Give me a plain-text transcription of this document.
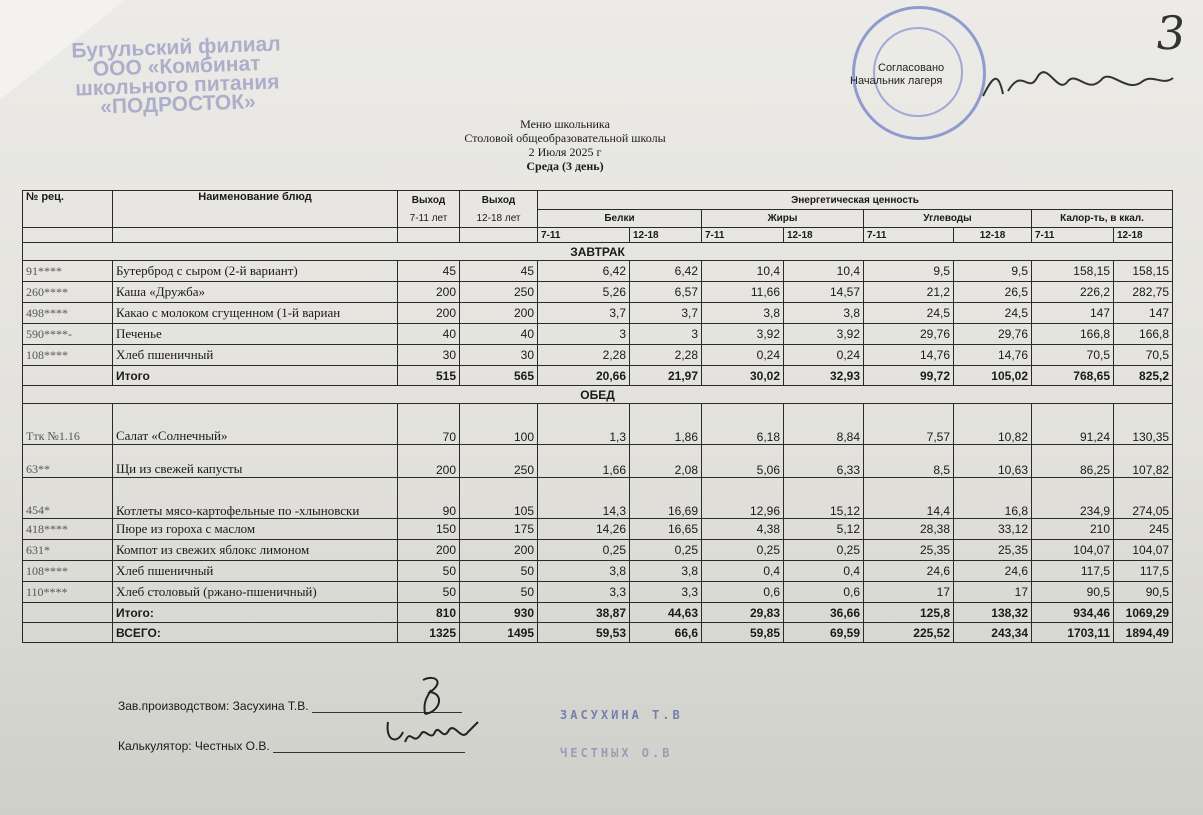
Бугульский филиал ООО «Комбинат школьного питания «ПОДРОСТОК»
Согласовано
Начальник лагеря
3
Меню школьника
Столовой общеобразовательной школы
2 Июля 2025 г
Среда (3 день)
№ рец.	Наименование блюд	Выход	Выход	Энергетическая ценность							
		7-11 лет	12-18 лет	Белки		Жиры		Углеводы		Калор-ть, в ккал.	
				7-11	12-18	7-11	12-18	7-11	12-18	7-11	12-18
ЗАВТРАК											
91****	Бутерброд с сыром (2-й вариант)	45	45	6,42	6,42	10,4	10,4	9,5	9,5	158,15	158,15
260****	Каша «Дружба»	200	250	5,26	6,57	11,66	14,57	21,2	26,5	226,2	282,75
498****	Какао с молоком сгущенном (1-й вариан	200	200	3,7	3,7	3,8	3,8	24,5	24,5	147	147
590****-	Печенье	40	40	3	3	3,92	3,92	29,76	29,76	166,8	166,8
108****	Хлеб пшеничный	30	30	2,28	2,28	0,24	0,24	14,76	14,76	70,5	70,5
	Итого	515	565	20,66	21,97	30,02	32,93	99,72	105,02	768,65	825,2
ОБЕД											
Ттк №1.16	Салат «Солнечный»	70	100	1,3	1,86	6,18	8,84	7,57	10,82	91,24	130,35
63**	Щи из свежей капусты	200	250	1,66	2,08	5,06	6,33	8,5	10,63	86,25	107,82
454*	Котлеты мясо-картофельные по -хлыновски	90	105	14,3	16,69	12,96	15,12	14,4	16,8	234,9	274,05
418****	Пюре из гороха с маслом	150	175	14,26	16,65	4,38	5,12	28,38	33,12	210	245
631*	Компот из свежих яблокс лимоном	200	200	0,25	0,25	0,25	0,25	25,35	25,35	104,07	104,07
108****	Хлеб пшеничный	50	50	3,8	3,8	0,4	0,4	24,6	24,6	117,5	117,5
110****	Хлеб столовый (ржано-пшеничный)	50	50	3,3	3,3	0,6	0,6	17	17	90,5	90,5
	Итого:	810	930	38,87	44,63	29,83	36,66	125,8	138,32	934,46	1069,29
	ВСЕГО:	1325	1495	59,53	66,6	59,85	69,59	225,52	243,34	1703,11	1894,49
Зав.производством: Засухина Т.В.
Калькулятор: Честных О.В.
ЗАСУХИНА Т.В
ЧЕСТНЫХ О.В
